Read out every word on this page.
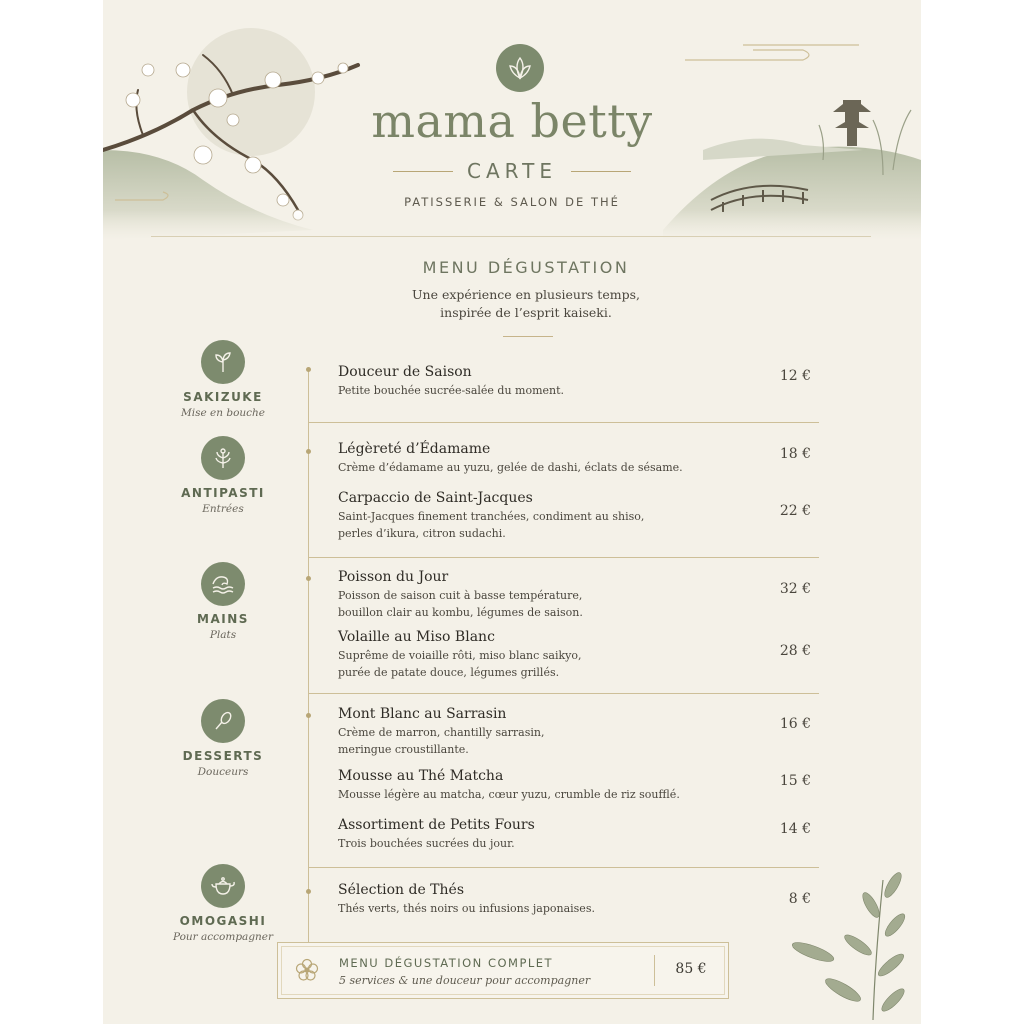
mama betty
CARTE
PATISSERIE & SALON DE THÉ
MENU DÉGUSTATION
Une expérience en plusieurs temps,
inspirée de l’esprit kaiseki.
SAKIZUKE
Mise en bouche
ANTIPASTI
Entrées
MAINS
Plats
DESSERTS
Douceurs
OMOGASHI
Pour accompagner
Douceur de Saison
Petite bouchée sucrée-salée du moment.
12 €
Légèreté d’Édamame
Crème d’édamame au yuzu, gelée de dashi, éclats de sésame.
18 €
Carpaccio de Saint-Jacques
Saint-Jacques finement tranchées, condiment au shiso,
perles d’ikura, citron sudachi.
22 €
Poisson du Jour
Poisson de saison cuit à basse température,
bouillon clair au kombu, légumes de saison.
32 €
Volaille au Miso Blanc
Suprême de voiaille rôti, miso blanc saikyo,
purée de patate douce, légumes grillés.
28 €
Mont Blanc au Sarrasin
Crème de marron, chantilly sarrasin,
meringue croustillante.
16 €
Mousse au Thé Matcha
Mousse légère au matcha, cœur yuzu, crumble de riz soufflé.
15 €
Assortiment de Petits Fours
Trois bouchées sucrées du jour.
14 €
Sélection de Thés
Thés verts, thés noirs ou infusions japonaises.
8 €
MENU DÉGUSTATION COMPLET
5 services & une douceur pour accompagner
85 €
